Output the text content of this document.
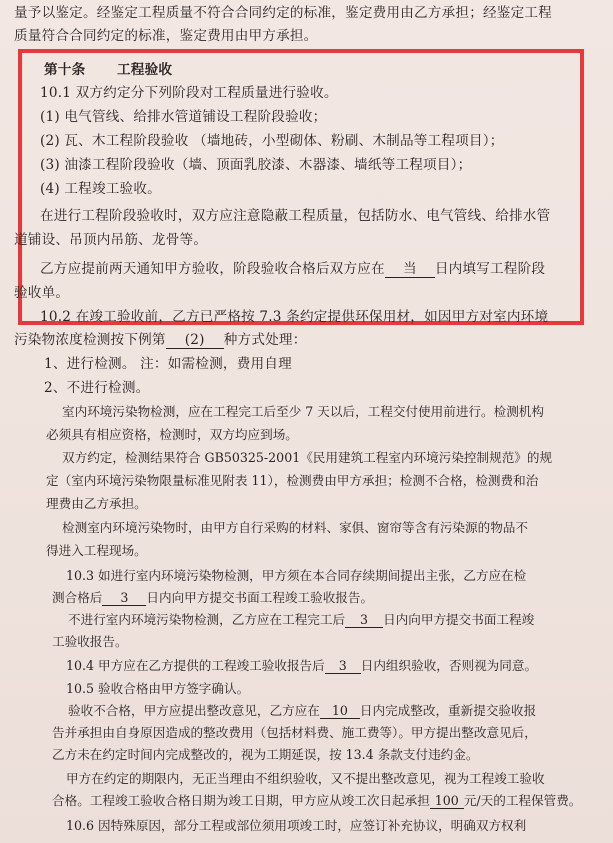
量予以鉴定。经鉴定工程质量不符合合同约定的标准，鉴定费用由乙方承担；经鉴定工程
质量符合合同约定的标准，鉴定费用由甲方承担。
第十条 工程验收
10.1 双方约定分下列阶段对工程质量进行验收。
(1) 电气管线、给排水管道铺设工程阶段验收；
(2) 瓦、木工程阶段验收 （墙地砖，小型砌体、粉刷、木制品等工程项目）；
(3) 油漆工程阶段验收（墙、顶面乳胶漆、木器漆、墙纸等工程项目）；
(4) 工程竣工验收。
在进行工程阶段验收时，双方应注意隐蔽工程质量，包括防水、电气管线、给排水管
道铺设、吊顶内吊筋、龙骨等。
乙方应提前两天通知甲方验收，阶段验收合格后双方应在 当 日内填写工程阶段
验收单。
10.2 在竣工验收前，乙方已严格按 7.3 条约定提供环保用材，如因甲方对室内环境
污染物浓度检测按下例第 (2) 种方式处理：
1、进行检测。 注：如需检测，费用自理
2、不进行检测。
室内环境污染物检测，应在工程完工后至少 7 天以后，工程交付使用前进行。检测机构
必须具有相应资格，检测时，双方均应到场。
双方约定，检测结果符合 GB50325-2001《民用建筑工程室内环境污染控制规范》的规
定（室内环境污染物限量标准见附表 11），检测费由甲方承担；检测不合格，检测费和治
理费由乙方承担。
检测室内环境污染物时，由甲方自行采购的材料、家俱、窗帘等含有污染源的物品不
得进入工程现场。
10.3 如进行室内环境污染物检测，甲方须在本合同存续期间提出主张，乙方应在检
测合格后 3 日内向甲方提交书面工程竣工验收报告。
不进行室内环境污染物检测，乙方应在工程完工后 3 日内向甲方提交书面工程竣
工验收报告。
10.4 甲方应在乙方提供的工程竣工验收报告后 3 日内组织验收，否则视为同意。
10.5 验收合格由甲方签字确认。
验收不合格，甲方应提出整改意见，乙方应在 10 日内完成整改，重新提交验收报
告并承担由自身原因造成的整改费用（包括材料费、施工费等）。甲方提出整改意见后，
乙方未在约定时间内完成整改的，视为工期延误，按 13.4 条款支付违约金。
甲方在约定的期限内，无正当理由不组织验收，又不提出整改意见，视为工程竣工验收
合格。工程竣工验收合格日期为竣工日期，甲方应从竣工次日起承担 100 元/天的工程保管费。
10.6 因特殊原因，部分工程或部位须用项竣工时，应签订补充协议，明确双方权利
